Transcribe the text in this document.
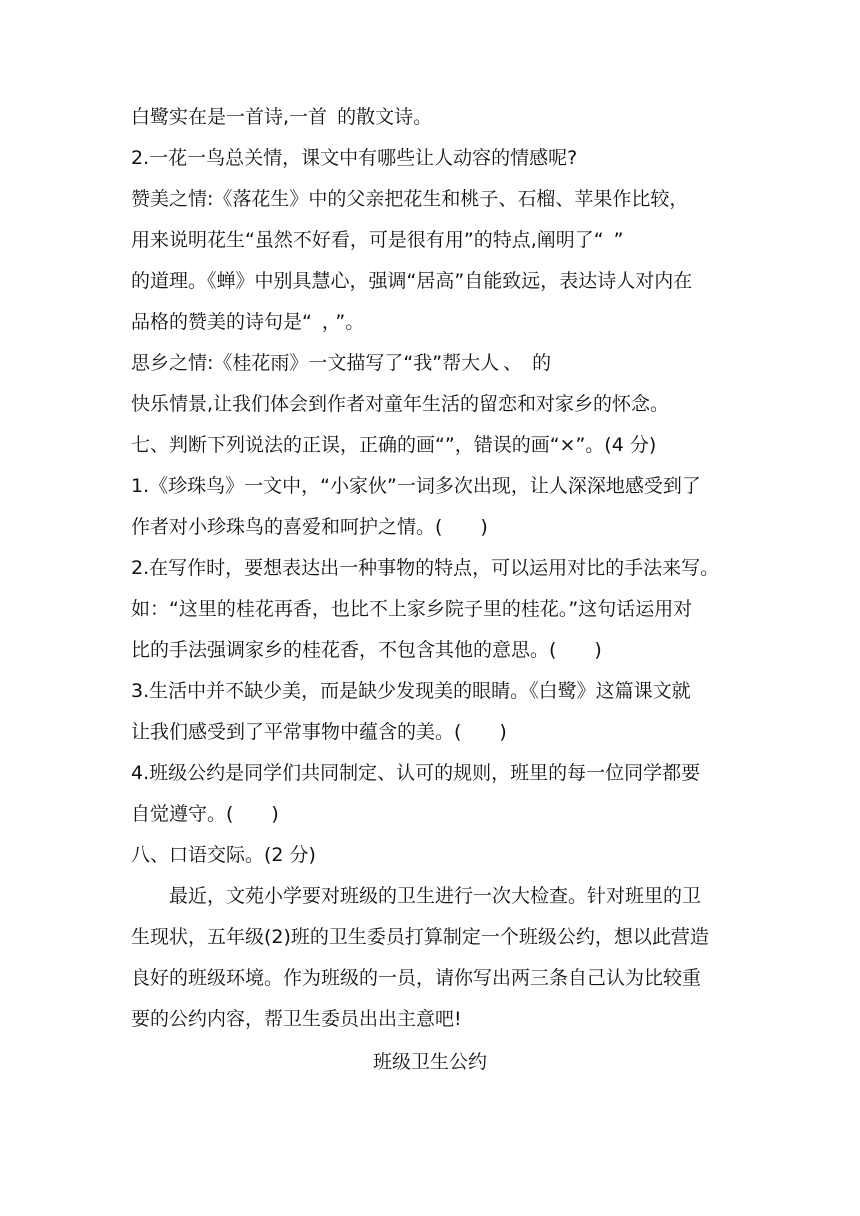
白鹭实在是一首诗,一首 的散文诗。
2.一花一鸟总关情，课文中有哪些让人动容的情感呢?
赞美之情:《落花生》中的父亲把花生和桃子、石榴、苹果作比较，
用来说明花生“虽然不好看，可是很有用”的特点,阐明了“ ”
的道理。《蝉》中别具慧心，强调“居高”自能致远，表达诗人对内在
品格的赞美的诗句是“ ， ”。
思乡之情:《桂花雨》一文描写了“我”帮大人 、 的
快乐情景,让我们体会到作者对童年生活的留恋和对家乡的怀念。
七、判断下列说法的正误，正确的画“”，错误的画“×”。(4 分)
1.《珍珠鸟》一文中，“小家伙”一词多次出现，让人深深地感受到了
作者对小珍珠鸟的喜爱和呵护之情。(　　)
2.在写作时，要想表达出一种事物的特点，可以运用对比的手法来写。
如：“这里的桂花再香，也比不上家乡院子里的桂花。”这句话运用对
比的手法强调家乡的桂花香，不包含其他的意思。(　　)
3.生活中并不缺少美，而是缺少发现美的眼睛。《白鹭》这篇课文就
让我们感受到了平常事物中蕴含的美。(　　)
4.班级公约是同学们共同制定、认可的规则，班里的每一位同学都要
自觉遵守。(　　)
八、口语交际。(2 分)
　　最近，文苑小学要对班级的卫生进行一次大检查。针对班里的卫
生现状，五年级(2)班的卫生委员打算制定一个班级公约，想以此营造
良好的班级环境。作为班级的一员，请你写出两三条自己认为比较重
要的公约内容，帮卫生委员出出主意吧!
班级卫生公约
